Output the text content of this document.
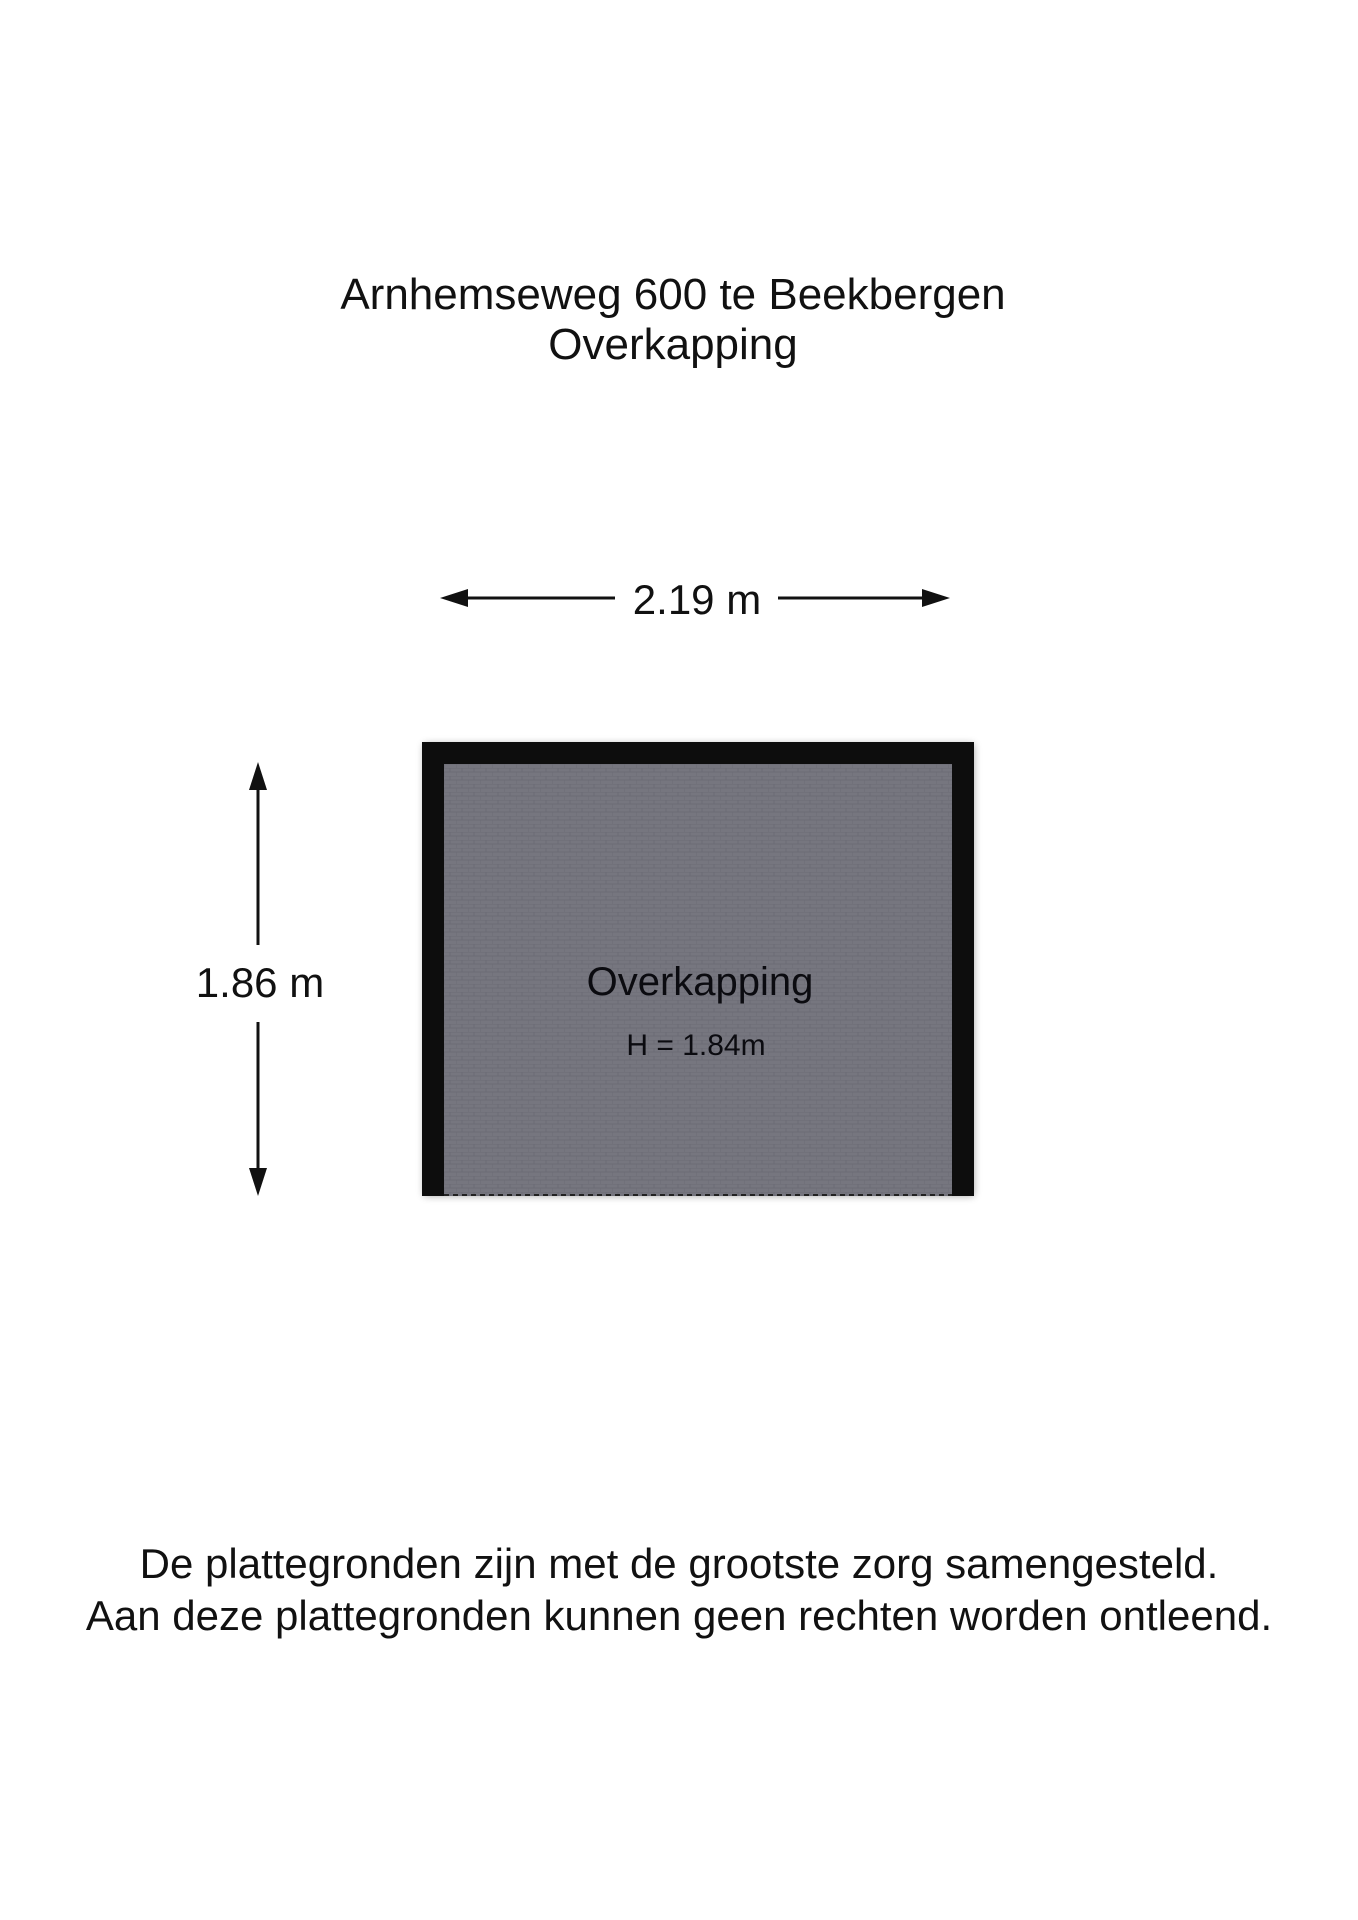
Arnhemseweg 600 te Beekbergen
Overkapping
2.19 m
1.86 m	Overkapping
H = 1.84m
De plattegronden zijn met de grootste zorg samengesteld.
Aan deze plattegronden kunnen geen rechten worden ontleend.
